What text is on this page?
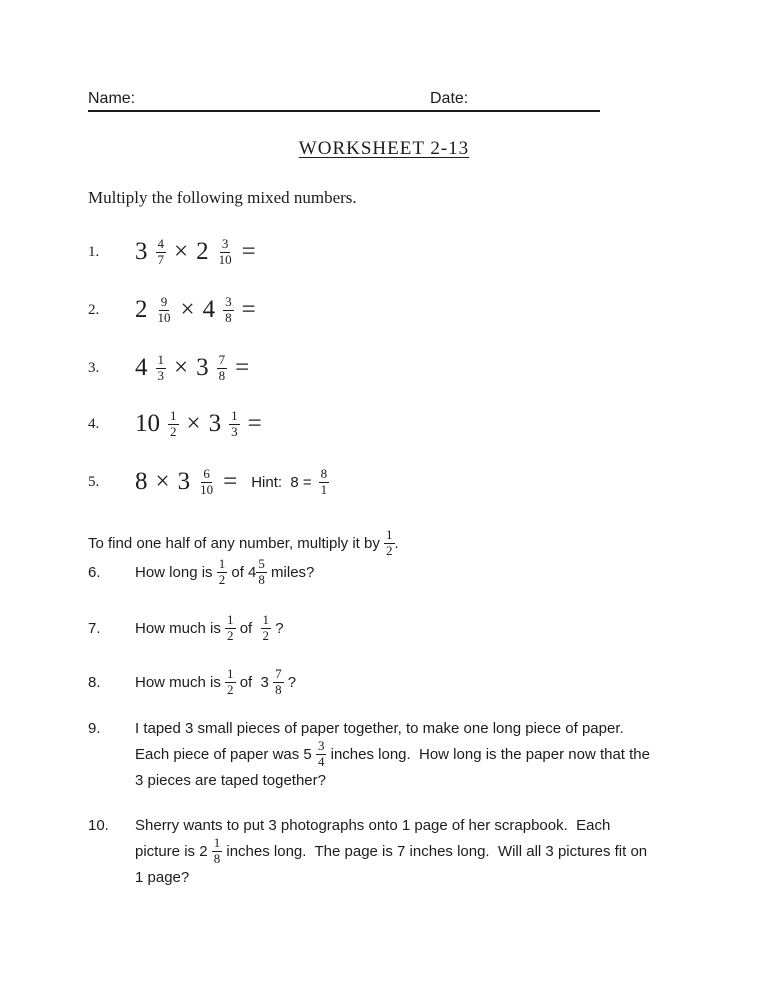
Name:	Date:
WORKSHEET 2-13
Multiply the following mixed numbers.
1.	$3 \frac{4}{7} \times 2 \frac{3}{10}$ =
2.	$2 \frac{9}{10} \times 4 \frac{3}{8}$ =
3.	$4 \frac{1}{3} \times 3 \frac{7}{8}$ =
4.	$10 \frac{1}{2} \times 3 \frac{1}{3}$ =
5.	$8 \times 3 \frac{6}{10}$ = Hint:  $8 = \frac{8}{1}$
To find one half of any number, multiply it by $\frac{1}{2}$ .
6.	How long is $\frac{1}{2}$ of $4 \frac{5}{8}$ miles?
7.	How much is $\frac{1}{2}$ of $\frac{1}{2}$ ?
8.	How much is $\frac{1}{2}$ of  $3 \frac{7}{8}$ ?
9.	I taped 3 small pieces of paper together, to make one long piece of paper.
Each piece of paper was $5 \frac{3}{4}$ inches long.  How long is the paper now that the
3 pieces are taped together?
10.	Sherry wants to put 3 photographs onto 1 page of her scrapbook.  Each
picture is $2 \frac{1}{8}$ inches long.  The page is 7 inches long.  Will all 3 pictures fit on
1 page?
